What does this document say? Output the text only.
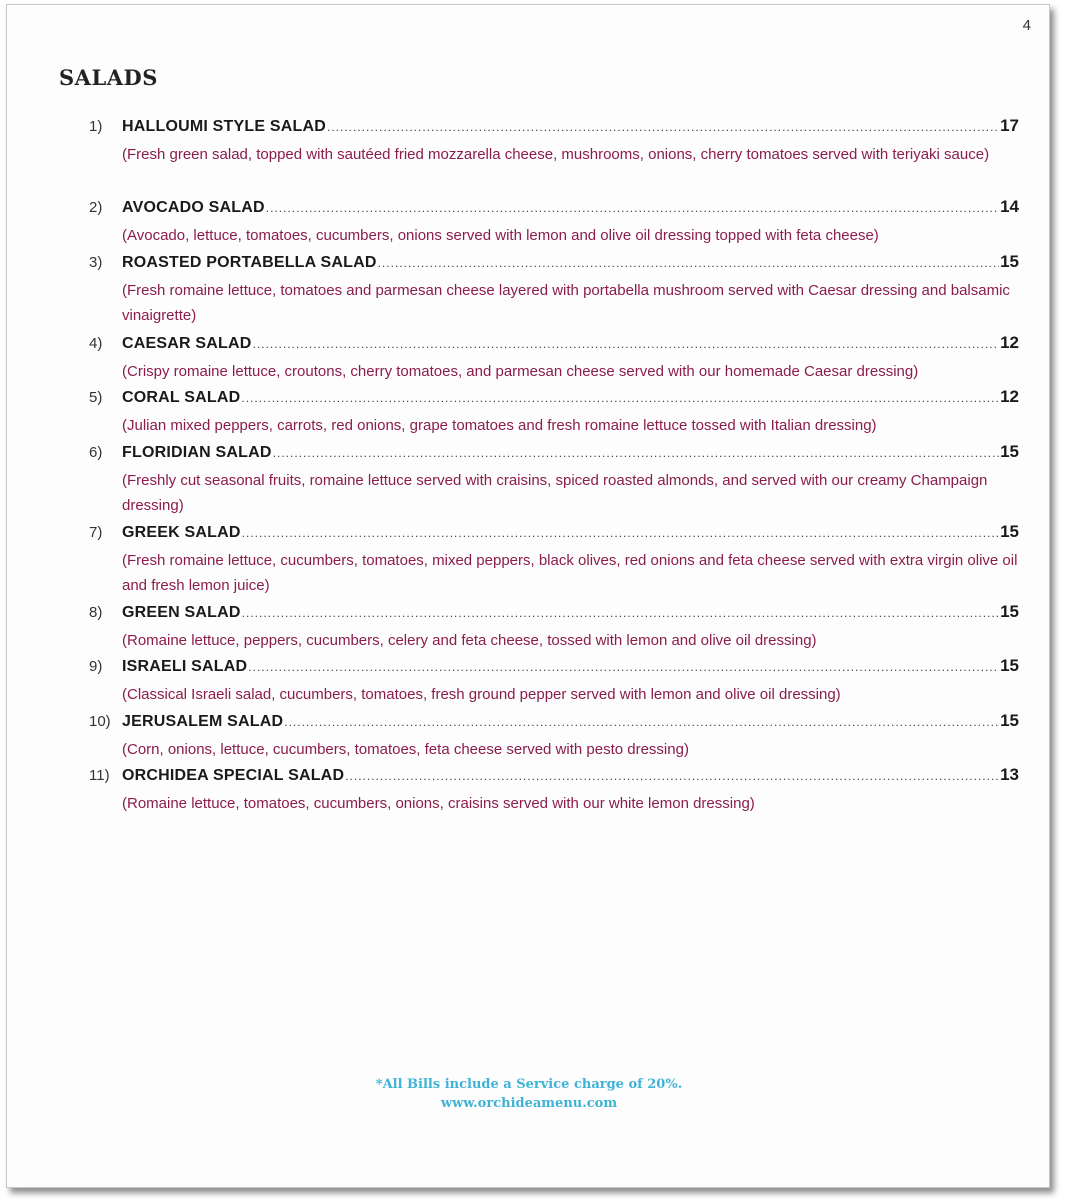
4
SALADS
1)	HALLOUMI STYLE SALAD .....	17
(Fresh green salad, topped with sautéed fried mozzarella cheese, mushrooms, onions, cherry tomatoes served with teriyaki sauce)
2)	AVOCADO SALAD .....	14
(Avocado, lettuce, tomatoes, cucumbers, onions served with lemon and olive oil dressing topped with feta cheese)
3)	ROASTED PORTABELLA SALAD .....	15
(Fresh romaine lettuce, tomatoes and parmesan cheese layered with portabella mushroom served with Caesar dressing and balsamic vinaigrette)
4)	CAESAR SALAD .....	12
(Crispy romaine lettuce, croutons, cherry tomatoes, and parmesan cheese served with our homemade Caesar dressing)
5)	CORAL SALAD .....	12
(Julian mixed peppers, carrots, red onions, grape tomatoes and fresh romaine lettuce tossed with Italian dressing)
6)	FLORIDIAN SALAD .....	15
(Freshly cut seasonal fruits, romaine lettuce served with craisins, spiced roasted almonds, and served with our creamy Champaign dressing)
7)	GREEK SALAD .....	15
(Fresh romaine lettuce, cucumbers, tomatoes, mixed peppers, black olives, red onions and feta cheese served with extra virgin olive oil and fresh lemon juice)
8)	GREEN SALAD .....	15
(Romaine lettuce, peppers, cucumbers, celery and feta cheese, tossed with lemon and olive oil dressing)
9)	ISRAELI SALAD .....	15
(Classical Israeli salad, cucumbers, tomatoes, fresh ground pepper served with lemon and olive oil dressing)
10) JERUSALEM SALAD .....	15
(Corn, onions, lettuce, cucumbers, tomatoes, feta cheese served with pesto dressing)
11) ORCHIDEA SPECIAL SALAD .....	13
(Romaine lettuce, tomatoes, cucumbers, onions, craisins served with our white lemon dressing)
*All Bills include a Service charge of 20%.
www.orchideamenu.com
